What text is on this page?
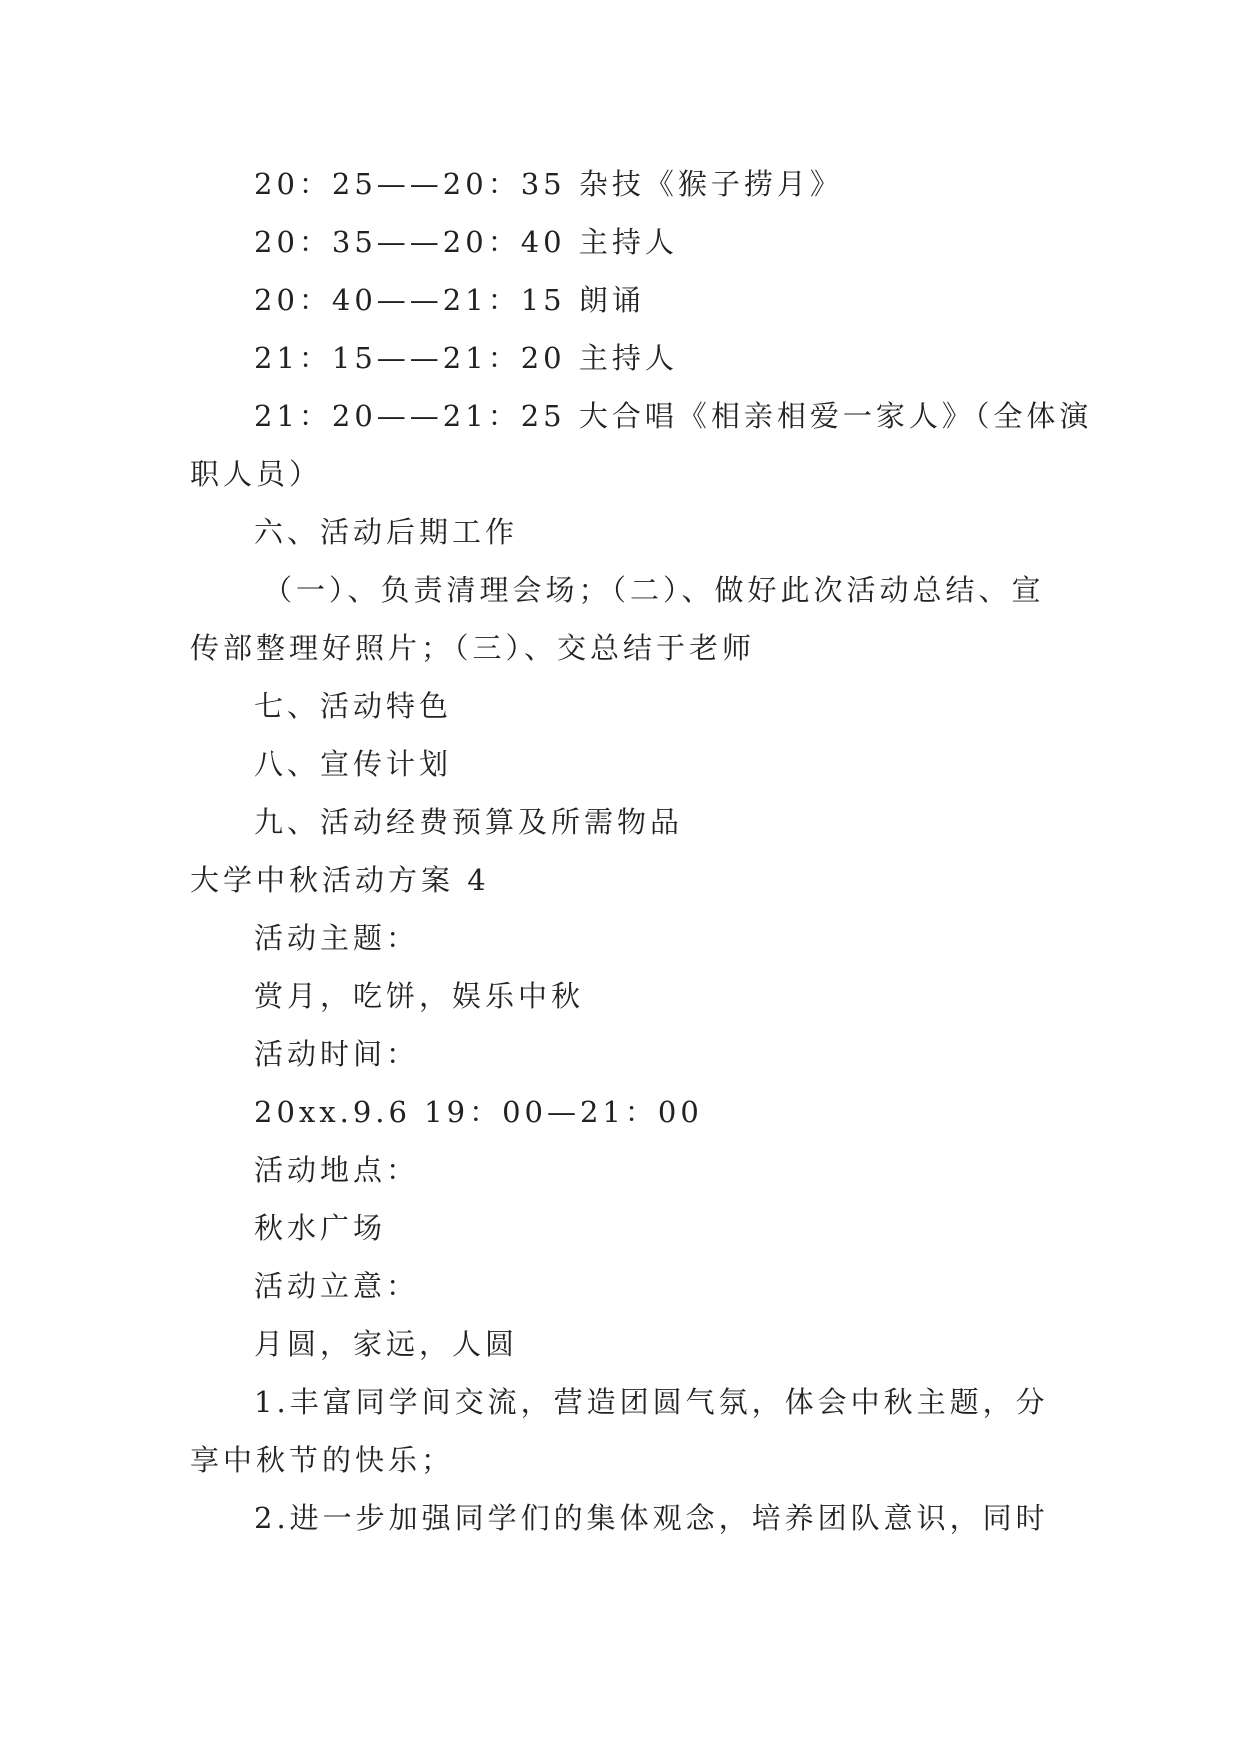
20：25——20：35 杂技《猴子捞月》
20：35——20：40 主持人
20：40——21：15 朗诵
21：15——21：20 主持人
21：20——21：25 大合唱《相亲相爱一家人》（全体演
职人员）
六、活动后期工作
（一）、负责清理会场；（二）、做好此次活动总结、宣
传部整理好照片；（三）、交总结于老师
七、活动特色
八、宣传计划
九、活动经费预算及所需物品
大学中秋活动方案 4
活动主题：
赏月，吃饼，娱乐中秋
活动时间：
20xx.9.6 19：00—21：00
活动地点：
秋水广场
活动立意：
月圆，家远，人圆
1.丰富同学间交流，营造团圆气氛，体会中秋主题，分
享中秋节的快乐；
2.进一步加强同学们的集体观念，培养团队意识，同时
